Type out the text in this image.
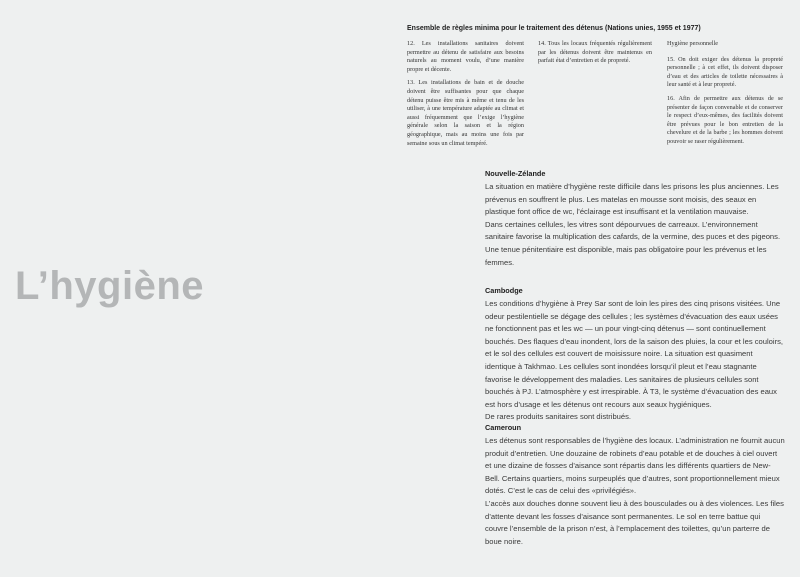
L’hygiène
Ensemble de règles minima pour le traitement des détenus (Nations unies, 1955 et 1977)

12. Les installations sanitaires doivent permettre au détenu de satisfaire aux besoins naturels au moment voulu, d’une manière propre et décente.

13. Les installations de bain et de douche doivent être suffisantes pour que chaque détenu puisse être mis à même et tenu de les utiliser, à une température adaptée au climat et aussi fréquemment que l’exige l’hygiène générale selon la saison et la région géographique, mais au moins une fois par semaine sous un climat tempéré.

14. Tous les locaux fréquentés régulièrement par les détenus doivent être maintenus en parfait état d’entretien et de propreté.

Hygiène personnelle

15. On doit exiger des détenus la propreté personnelle ; à cet effet, ils doivent disposer d’eau et des articles de toilette nécessaires à leur santé et à leur propreté.

16. Afin de permettre aux détenus de se présenter de façon convenable et de conserver le respect d’eux-mêmes, des facilités doivent être prévues pour le bon entretien de la chevelure et de la barbe ; les hommes doivent pouvoir se raser régulièrement.

Nouvelle-Zélande

La situation en matière d’hygiène reste difficile dans les prisons les plus anciennes. Les prévenus en souffrent le plus. Les matelas en mousse sont moisis, des seaux en plastique font office de wc, l’éclairage est insuffisant et la ventilation mauvaise.

Dans certaines cellules, les vitres sont dépourvues de carreaux. L’environnement sanitaire favorise la multiplication des cafards, de la vermine, des puces et des pigeons.

Une tenue pénitentiaire est disponible, mais pas obligatoire pour les prévenus et les femmes.

Cambodge

Les conditions d’hygiène à Prey Sar sont de loin les pires des cinq prisons visitées. Une odeur pestilentielle se dégage des cellules ; les systèmes d’évacuation des eaux usées ne fonctionnent pas et les wc — un pour vingt-cinq détenus — sont continuellement bouchés. Des flaques d’eau inondent, lors de la saison des pluies, la cour et les couloirs, et le sol des cellules est couvert de moisissure noire. La situation est quasiment identique à Takhmao. Les cellules sont inondées lorsqu’il pleut et l’eau stagnante favorise le développement des maladies. Les sanitaires de plusieurs cellules sont bouchés à PJ. L’atmosphère y est irrespirable. À T3, le système d’évacuation des eaux est hors d’usage et les détenus ont recours aux seaux hygiéniques.

De rares produits sanitaires sont distribués.

Cameroun

Les détenus sont responsables de l’hygiène des locaux. L’administration ne fournit aucun produit d’entretien. Une douzaine de robinets d’eau potable et de douches à ciel ouvert et une dizaine de fosses d’aisance sont répartis dans les différents quartiers de New-Bell. Certains quartiers, moins surpeuplés que d’autres, sont proportionnellement mieux dotés. C’est le cas de celui des «privilégiés».

L’accès aux douches donne souvent lieu à des bousculades ou à des violences. Les files d’attente devant les fosses d’aisance sont permanentes. Le sol en terre battue qui couvre l’ensemble de la prison n’est, à l’emplacement des toilettes, qu’un parterre de boue noire.
